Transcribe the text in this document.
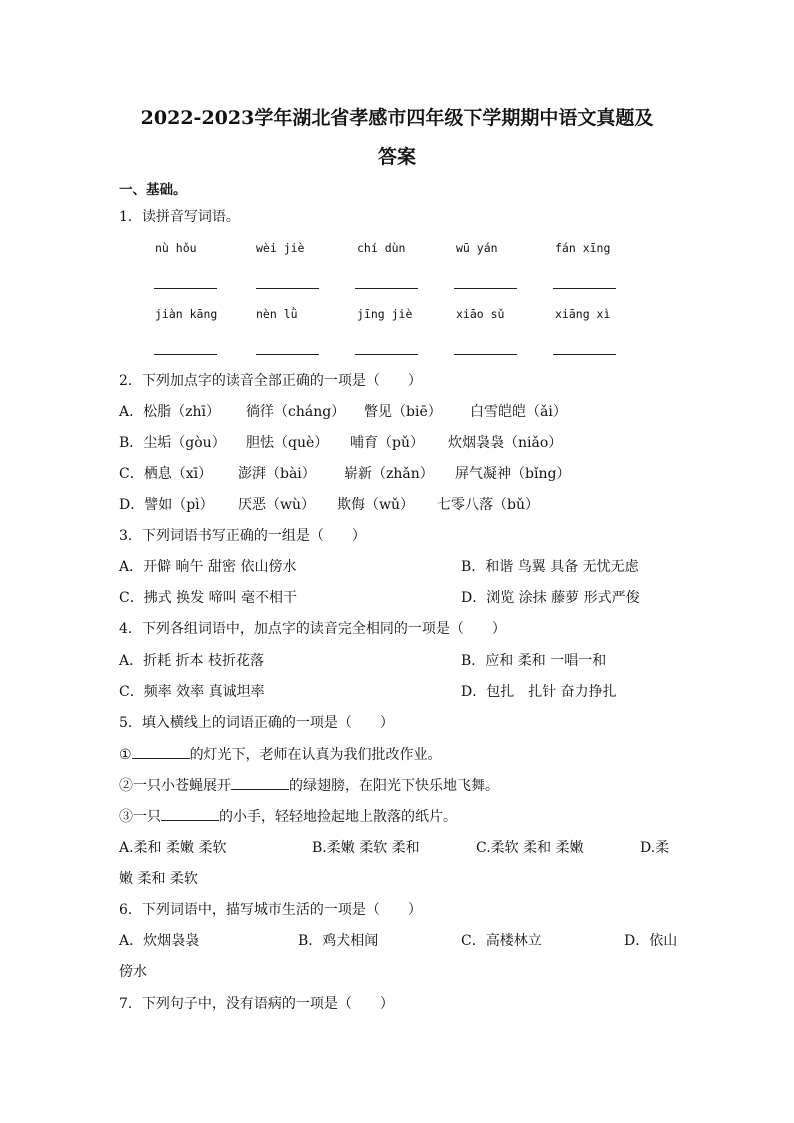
2022-2023学年湖北省孝感市四年级下学期期中语文真题及
答案
一、基础。
1．读拼音写词语。
nù hǒu	wèi jiè	chí dùn	wū yán	fán xīng
jiàn kāng	nèn lǜ	jīng jiè	xiāo sǔ	xiāng xì
2．下列加点字的读音全部正确的一项是（　　）
A．松脂（zhī） 徜徉（cháng） 瞥见（biē） 白雪皑皑（ǎi）
B．尘垢（gòu） 胆怯（què） 哺育（pǔ） 炊烟袅袅（niǎo）
C．栖息（xī） 澎湃（bài） 崭新（zhǎn） 屏气凝神（bǐng）
D．譬如（pì） 厌恶（wù） 欺侮（wǔ） 七零八落（bǔ）
3．下列词语书写正确的一组是（　　）
A．开僻 晌午 甜密 依山傍水	B．和谐 鸟翼 具备 无忧无虑
C．拂式 换发 啼叫 毫不相干	D．浏览 涂抹 藤萝 形式严俊
4．下列各组词语中，加点字的读音完全相同的一项是（　　）
A．折耗 折本 枝折花落	B．应和 柔和 一唱一和
C．频率 效率 真诚坦率	D．包扎　扎针 奋力挣扎
5．填入横线上的词语正确的一项是（　　）
①	的灯光下，老师在认真为我们批改作业。
②一只小苍蝇展开	的绿翅膀，在阳光下快乐地飞舞。
③一只	的小手，轻轻地捡起地上散落的纸片。
A.柔和 柔嫩 柔软	B.柔嫩 柔软 柔和	C.柔软 柔和 柔嫩	D.柔
嫩 柔和 柔软
6．下列词语中，描写城市生活的一项是（　　）
A．炊烟袅袅	B．鸡犬相闻	C．高楼林立	D．依山
傍水
7．下列句子中，没有语病的一项是（　　）
